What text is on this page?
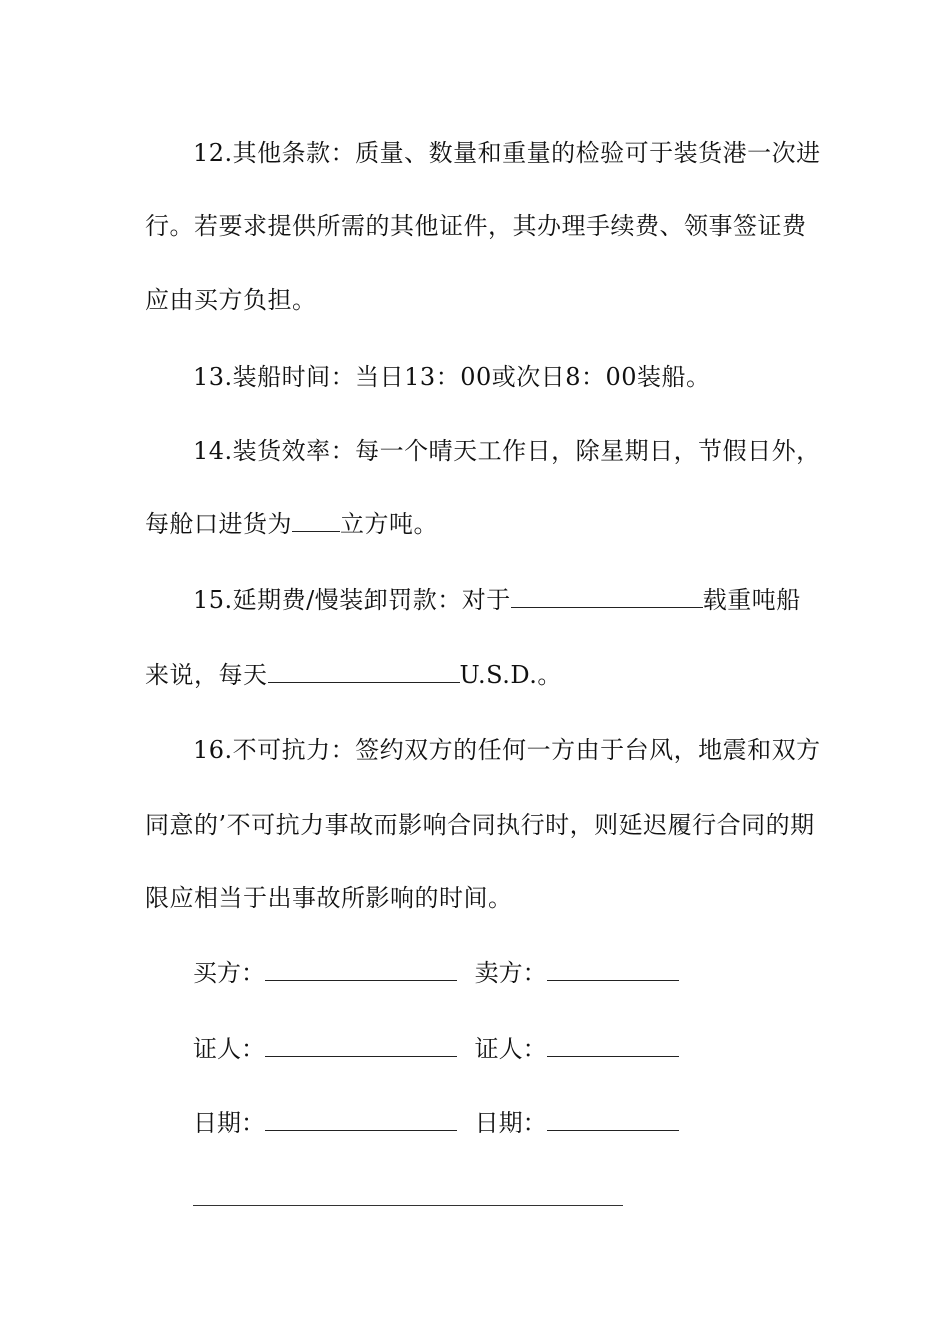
12.其他条款：质量、数量和重量的检验可于装货港一次进
行。若要求提供所需的其他证件，其办理手续费、领事签证费
应由买方负担。
13.装船时间：当日13：00或次日8：00装船。
14.装货效率：每一个晴天工作日，除星期日，节假日外，
每舱口进货为 立方吨。
15.延期费/慢装卸罚款：对于	载重吨船
来说，每天	U.S.D.。
16.不可抗力：签约双方的任何一方由于台风，地震和双方
同意的’不可抗力事故而影响合同执行时，则延迟履行合同的期
限应相当于出事故所影响的时间。
买方：	卖方：
证人：	证人：
日期：	日期：
